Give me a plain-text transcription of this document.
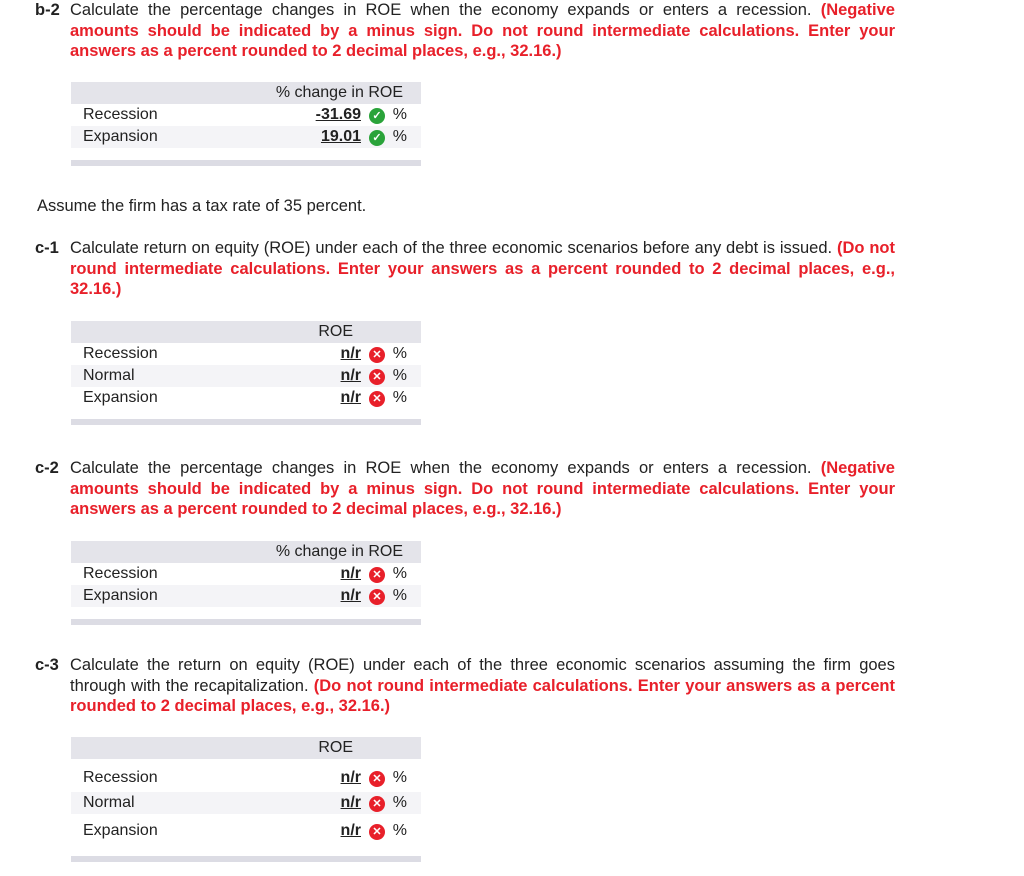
b-2 Calculate the percentage changes in ROE when the economy expands or enters a recession. (Negative amounts should be indicated by a minus sign. Do not round intermediate calculations. Enter your answers as a percent rounded to 2 decimal places, e.g., 32.16.)
% change in ROE
Recession	-31.69	✓ %
Expansion	19.01	✓ %
Assume the firm has a tax rate of 35 percent.
c-1 Calculate return on equity (ROE) under each of the three economic scenarios before any debt is issued. (Do not round intermediate calculations. Enter your answers as a percent rounded to 2 decimal places, e.g., 32.16.)
ROE
Recession	n/r	✕ %
Normal	n/r	✕ %
Expansion	n/r	✕ %
c-2 Calculate the percentage changes in ROE when the economy expands or enters a recession. (Negative amounts should be indicated by a minus sign. Do not round intermediate calculations. Enter your answers as a percent rounded to 2 decimal places, e.g., 32.16.)
% change in ROE
Recession	n/r	✕ %
Expansion	n/r	✕ %
c-3 Calculate the return on equity (ROE) under each of the three economic scenarios assuming the firm goes through with the recapitalization. (Do not round intermediate calculations. Enter your answers as a percent rounded to 2 decimal places, e.g., 32.16.)
ROE
Recession	n/r	✕ %
Normal	n/r	✕ %
Expansion	n/r	✕ %
